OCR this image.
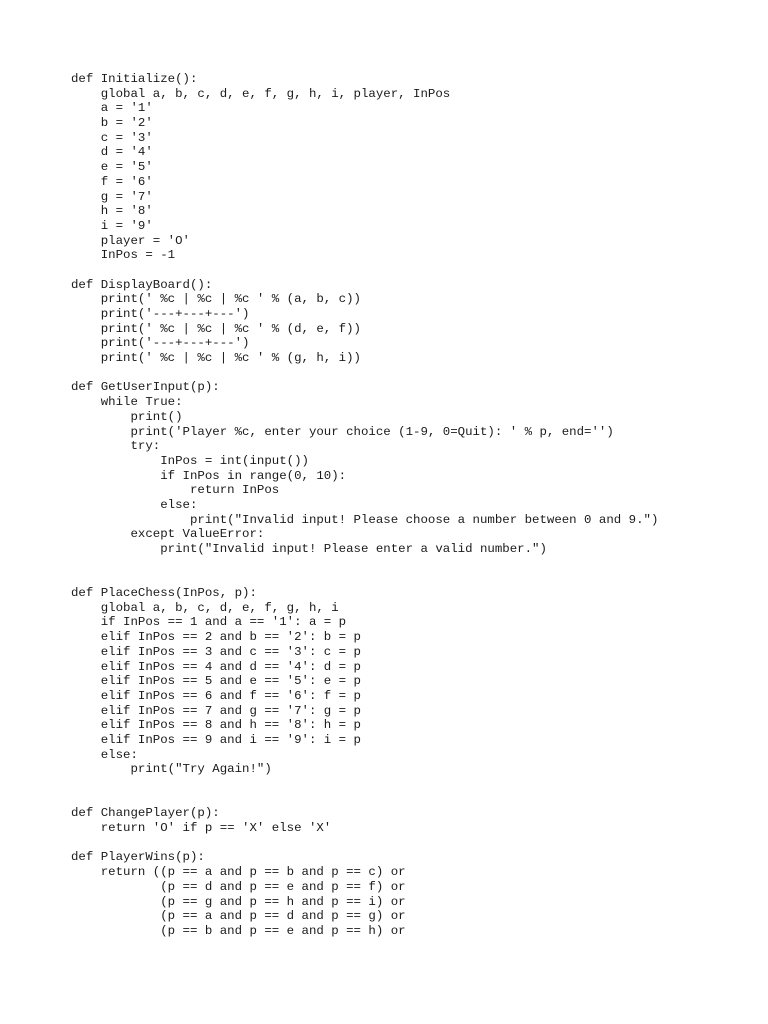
def Initialize():
global a, b, c, d, e, f, g, h, i, player, InPos
a = '1'
b = '2'
c = '3'
d = '4'
e = '5'
f = '6'
g = '7'
h = '8'
i = '9'
player = 'O'
InPos = -1
def DisplayBoard():
print(' %c | %c | %c ' % (a, b, c))
print('---+---+---')
print(' %c | %c | %c ' % (d, e, f))
print('---+---+---')
print(' %c | %c | %c ' % (g, h, i))
def GetUserInput(p):
while True:
print()
print('Player %c, enter your choice (1-9, 0=Quit): ' % p, end='')
try:
InPos = int(input())
if InPos in range(0, 10):
return InPos
else:
print("Invalid input! Please choose a number between 0 and 9.")
except ValueError:
print("Invalid input! Please enter a valid number.")
def PlaceChess(InPos, p):
global a, b, c, d, e, f, g, h, i
if InPos == 1 and a == '1': a = p
elif InPos == 2 and b == '2': b = p
elif InPos == 3 and c == '3': c = p
elif InPos == 4 and d == '4': d = p
elif InPos == 5 and e == '5': e = p
elif InPos == 6 and f == '6': f = p
elif InPos == 7 and g == '7': g = p
elif InPos == 8 and h == '8': h = p
elif InPos == 9 and i == '9': i = p
else:
print("Try Again!")
def ChangePlayer(p):
return 'O' if p == 'X' else 'X'
def PlayerWins(p):
return ((p == a and p == b and p == c) or
(p == d and p == e and p == f) or
(p == g and p == h and p == i) or
(p == a and p == d and p == g) or
(p == b and p == e and p == h) or
